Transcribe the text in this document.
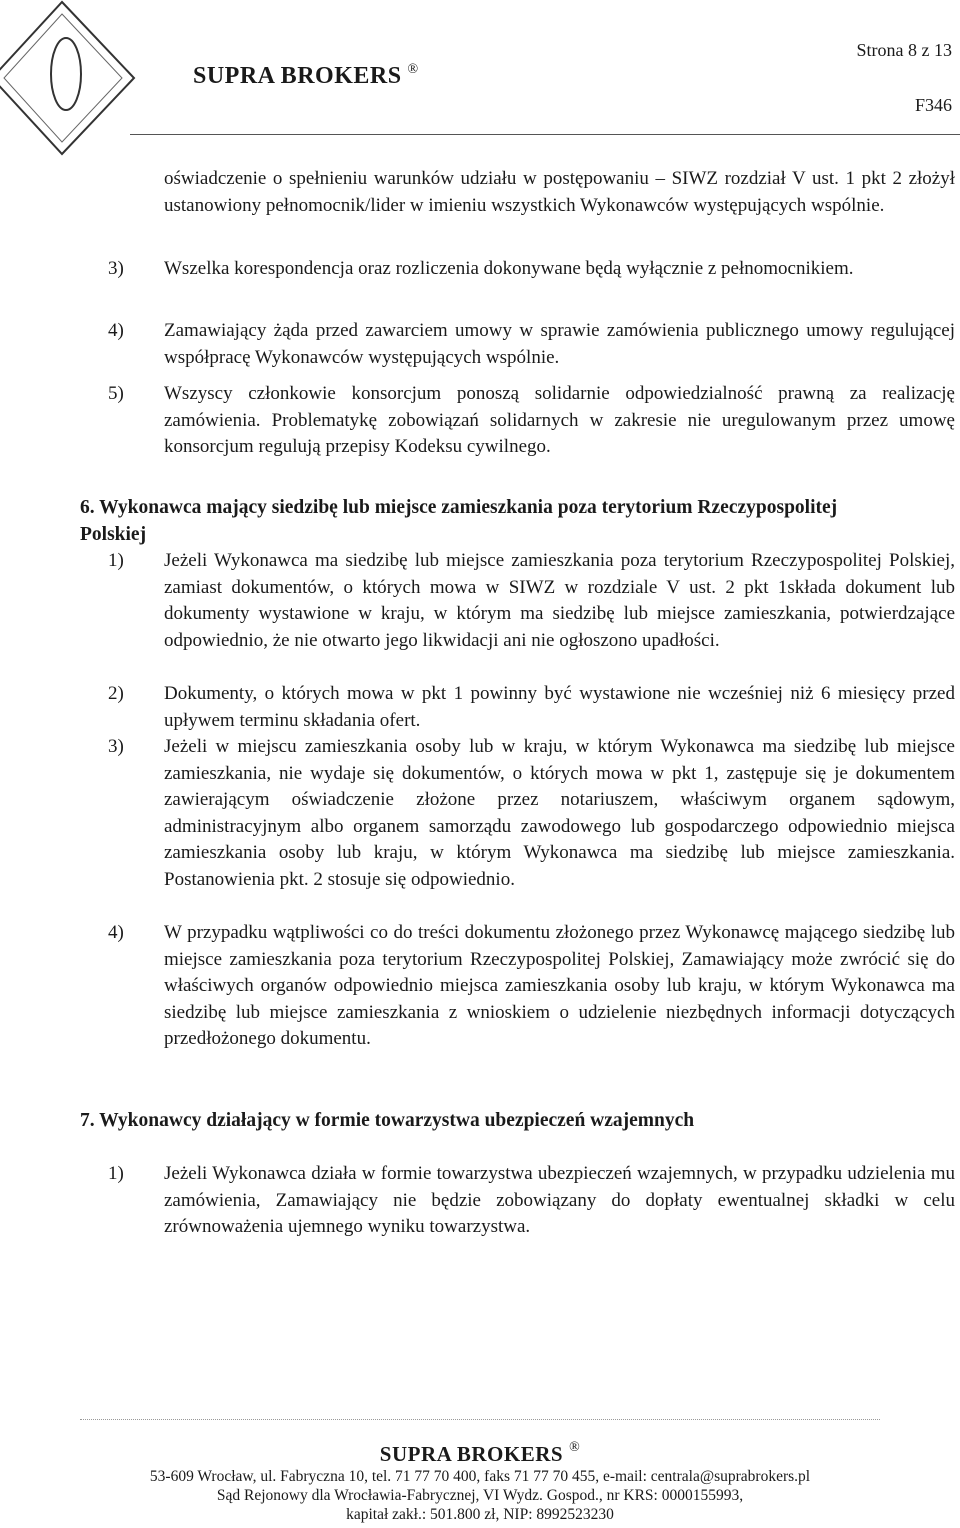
SUPRA BROKERS ®
Strona 8 z 13
F346
oświadczenie o spełnieniu warunków udziału w postępowaniu – SIWZ rozdział V ust. 1 pkt 2 złożył ustanowiony pełnomocnik/lider w imieniu wszystkich Wykonawców występujących wspólnie.
3) Wszelka korespondencja oraz rozliczenia dokonywane będą wyłącznie z pełnomocnikiem.
4) Zamawiający żąda przed zawarciem umowy w sprawie zamówienia publicznego umowy regulującej współpracę Wykonawców występujących wspólnie.
5) Wszyscy członkowie konsorcjum ponoszą solidarnie odpowiedzialność prawną za realizację zamówienia. Problematykę zobowiązań solidarnych w zakresie nie uregulowanym przez umowę konsorcjum regulują przepisy Kodeksu cywilnego.
6. Wykonawca mający siedzibę lub miejsce zamieszkania poza terytorium Rzeczypospolitej Polskiej
1) Jeżeli Wykonawca ma siedzibę lub miejsce zamieszkania poza terytorium Rzeczypospolitej Polskiej, zamiast dokumentów, o których mowa w SIWZ w rozdziale V ust. 2 pkt 1składa dokument lub dokumenty wystawione w kraju, w którym ma siedzibę lub miejsce zamieszkania, potwierdzające odpowiednio, że nie otwarto jego likwidacji ani nie ogłoszono upadłości.
2) Dokumenty, o których mowa w pkt 1 powinny być wystawione nie wcześniej niż 6 miesięcy przed upływem terminu składania ofert.
3) Jeżeli w miejscu zamieszkania osoby lub w kraju, w którym Wykonawca ma siedzibę lub miejsce zamieszkania, nie wydaje się dokumentów, o których mowa w pkt 1, zastępuje się je dokumentem zawierającym oświadczenie złożone przez notariuszem, właściwym organem sądowym, administracyjnym albo organem samorządu zawodowego lub gospodarczego odpowiednio miejsca zamieszkania osoby lub kraju, w którym Wykonawca ma siedzibę lub miejsce zamieszkania. Postanowienia pkt. 2 stosuje się odpowiednio.
4) W przypadku wątpliwości co do treści dokumentu złożonego przez Wykonawcę mającego siedzibę lub miejsce zamieszkania poza terytorium Rzeczypospolitej Polskiej, Zamawiający może zwrócić się do właściwych organów odpowiednio miejsca zamieszkania osoby lub kraju, w którym Wykonawca ma siedzibę lub miejsce zamieszkania z wnioskiem o udzielenie niezbędnych informacji dotyczących przedłożonego dokumentu.
7. Wykonawcy działający w formie towarzystwa ubezpieczeń wzajemnych
1) Jeżeli Wykonawca działa w formie towarzystwa ubezpieczeń wzajemnych, w przypadku udzielenia mu zamówienia, Zamawiający nie będzie zobowiązany do dopłaty ewentualnej składki w celu zrównoważenia ujemnego wyniku towarzystwa.
SUPRA BROKERS ®
53-609 Wrocław, ul. Fabryczna 10, tel. 71 77 70 400, faks 71 77 70 455, e-mail: centrala@suprabrokers.pl
Sąd Rejonowy dla Wrocławia-Fabrycznej, VI Wydz. Gospod., nr KRS: 0000155993,
kapitał zakł.: 501.800 zł, NIP: 8992523230
